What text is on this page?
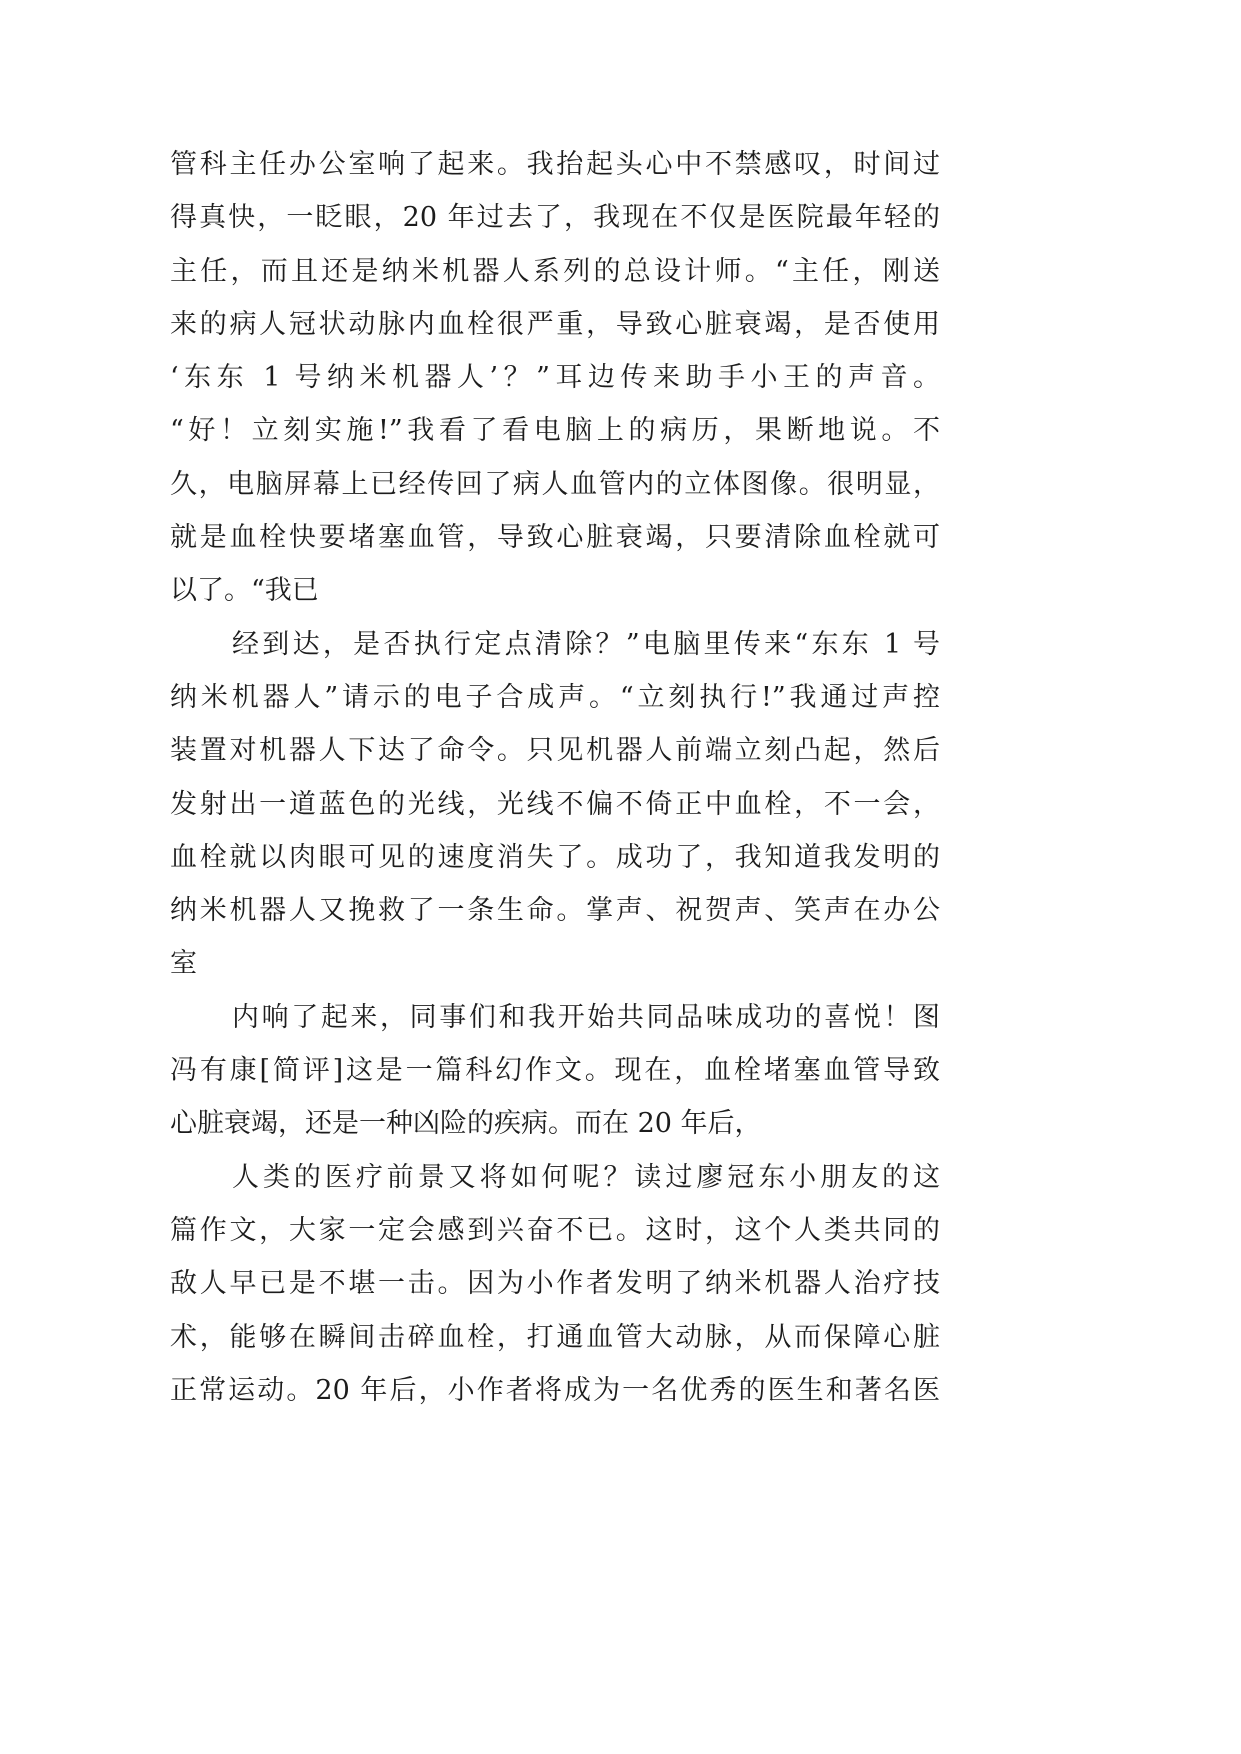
管科主任办公室响了起来。我抬起头心中不禁感叹，时间过
得真快，一眨眼，20 年过去了，我现在不仅是医院最年轻的
主任，而且还是纳米机器人系列的总设计师。“主任，刚送
来的病人冠状动脉内血栓很严重，导致心脏衰竭，是否使用
‘东东 1 号纳米机器人’？”耳边传来助手小王的声音。
“好！立刻实施!”我看了看电脑上的病历，果断地说。不
久，电脑屏幕上已经传回了病人血管内的立体图像。很明显，
就是血栓快要堵塞血管，导致心脏衰竭，只要清除血栓就可
以了。“我已
经到达，是否执行定点清除？”电脑里传来“东东 1 号
纳米机器人”请示的电子合成声。“立刻执行!”我通过声控
装置对机器人下达了命令。只见机器人前端立刻凸起，然后
发射出一道蓝色的光线，光线不偏不倚正中血栓，不一会，
血栓就以肉眼可见的速度消失了。成功了，我知道我发明的
纳米机器人又挽救了一条生命。掌声、祝贺声、笑声在办公
室
内响了起来，同事们和我开始共同品味成功的喜悦！图
冯有康[简评]这是一篇科幻作文。现在，血栓堵塞血管导致
心脏衰竭，还是一种凶险的疾病。而在 20 年后，
人类的医疗前景又将如何呢？读过廖冠东小朋友的这
篇作文，大家一定会感到兴奋不已。这时，这个人类共同的
敌人早已是不堪一击。因为小作者发明了纳米机器人治疗技
术，能够在瞬间击碎血栓，打通血管大动脉，从而保障心脏
正常运动。20 年后，小作者将成为一名优秀的医生和著名医
